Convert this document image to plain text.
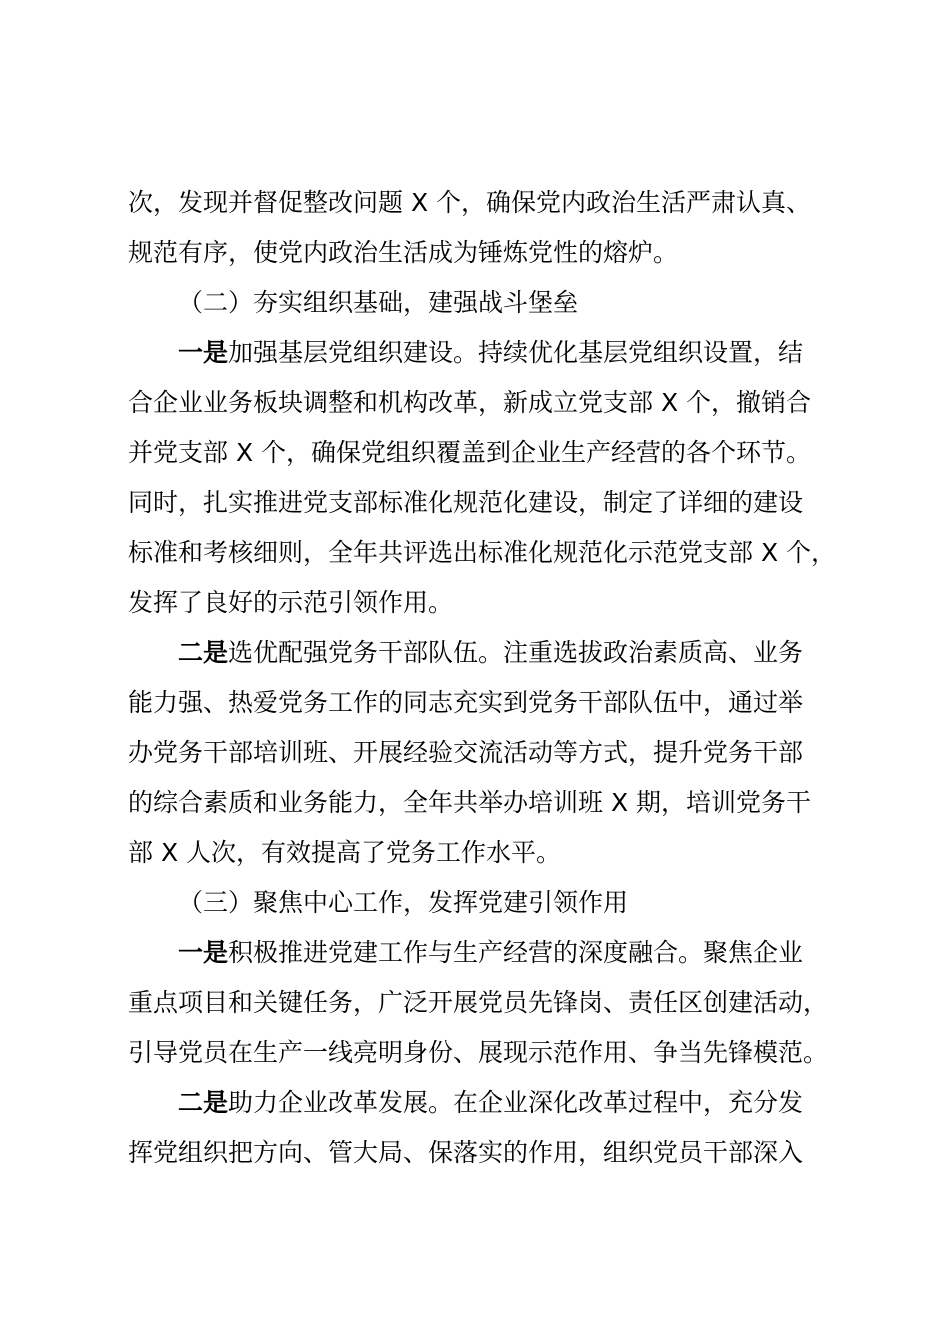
次，发现并督促整改问题 X 个，确保党内政治生活严肃认真、
规范有序，使党内政治生活成为锤炼党性的熔炉。
（二）夯实组织基础，建强战斗堡垒
一是加强基层党组织建设。持续优化基层党组织设置，结
合企业业务板块调整和机构改革，新成立党支部 X 个，撤销合
并党支部 X 个，确保党组织覆盖到企业生产经营的各个环节。
同时，扎实推进党支部标准化规范化建设，制定了详细的建设
标准和考核细则，全年共评选出标准化规范化示范党支部 X 个，
发挥了良好的示范引领作用。
二是选优配强党务干部队伍。注重选拔政治素质高、业务
能力强、热爱党务工作的同志充实到党务干部队伍中，通过举
办党务干部培训班、开展经验交流活动等方式，提升党务干部
的综合素质和业务能力，全年共举办培训班 X 期，培训党务干
部 X 人次，有效提高了党务工作水平。
（三）聚焦中心工作，发挥党建引领作用
一是积极推进党建工作与生产经营的深度融合。聚焦企业
重点项目和关键任务，广泛开展党员先锋岗、责任区创建活动，
引导党员在生产一线亮明身份、展现示范作用、争当先锋模范。
二是助力企业改革发展。在企业深化改革过程中，充分发
挥党组织把方向、管大局、保落实的作用，组织党员干部深入
